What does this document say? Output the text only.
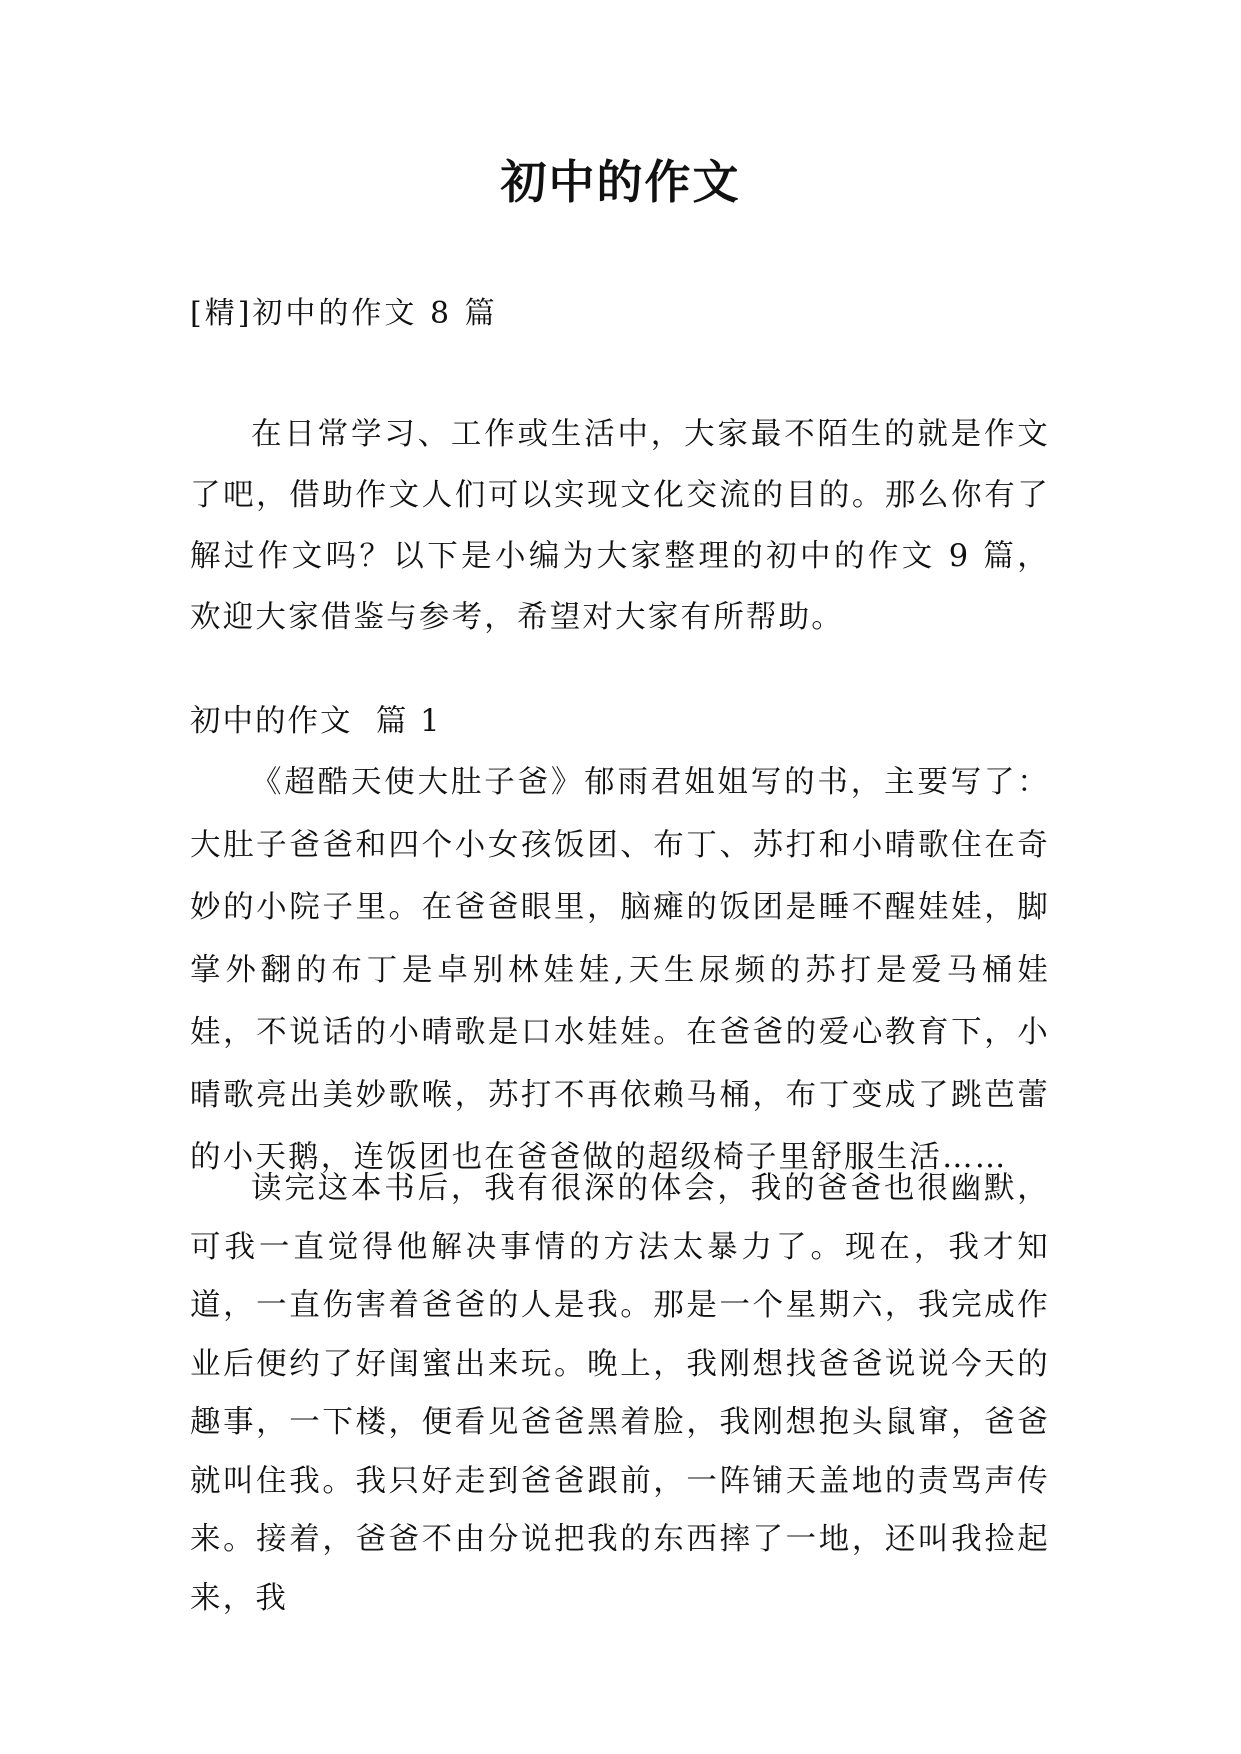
初中的作文

[精]初中的作文 8 篇

在日常学习、工作或生活中，大家最不陌生的就是作文了吧，借助作文人们可以实现文化交流的目的。那么你有了解过作文吗？以下是小编为大家整理的初中的作文 9 篇，欢迎大家借鉴与参考，希望对大家有所帮助。

初中的作文  篇 1

《超酷天使大肚子爸》郁雨君姐姐写的书，主要写了：大肚子爸爸和四个小女孩饭团、布丁、苏打和小晴歌住在奇妙的小院子里。在爸爸眼里，脑瘫的饭团是睡不醒娃娃，脚掌外翻的布丁是卓别林娃娃,天生尿频的苏打是爱马桶娃娃，不说话的小晴歌是口水娃娃。在爸爸的爱心教育下，小晴歌亮出美妙歌喉，苏打不再依赖马桶，布丁变成了跳芭蕾的小天鹅，连饭团也在爸爸做的超级椅子里舒服生活……

读完这本书后，我有很深的体会，我的爸爸也很幽默，可我一直觉得他解决事情的方法太暴力了。现在，我才知道，一直伤害着爸爸的人是我。那是一个星期六，我完成作业后便约了好闺蜜出来玩。晚上，我刚想找爸爸说说今天的趣事，一下楼，便看见爸爸黑着脸，我刚想抱头鼠窜，爸爸就叫住我。我只好走到爸爸跟前，一阵铺天盖地的责骂声传来。接着，爸爸不由分说把我的东西摔了一地，还叫我捡起来，我
